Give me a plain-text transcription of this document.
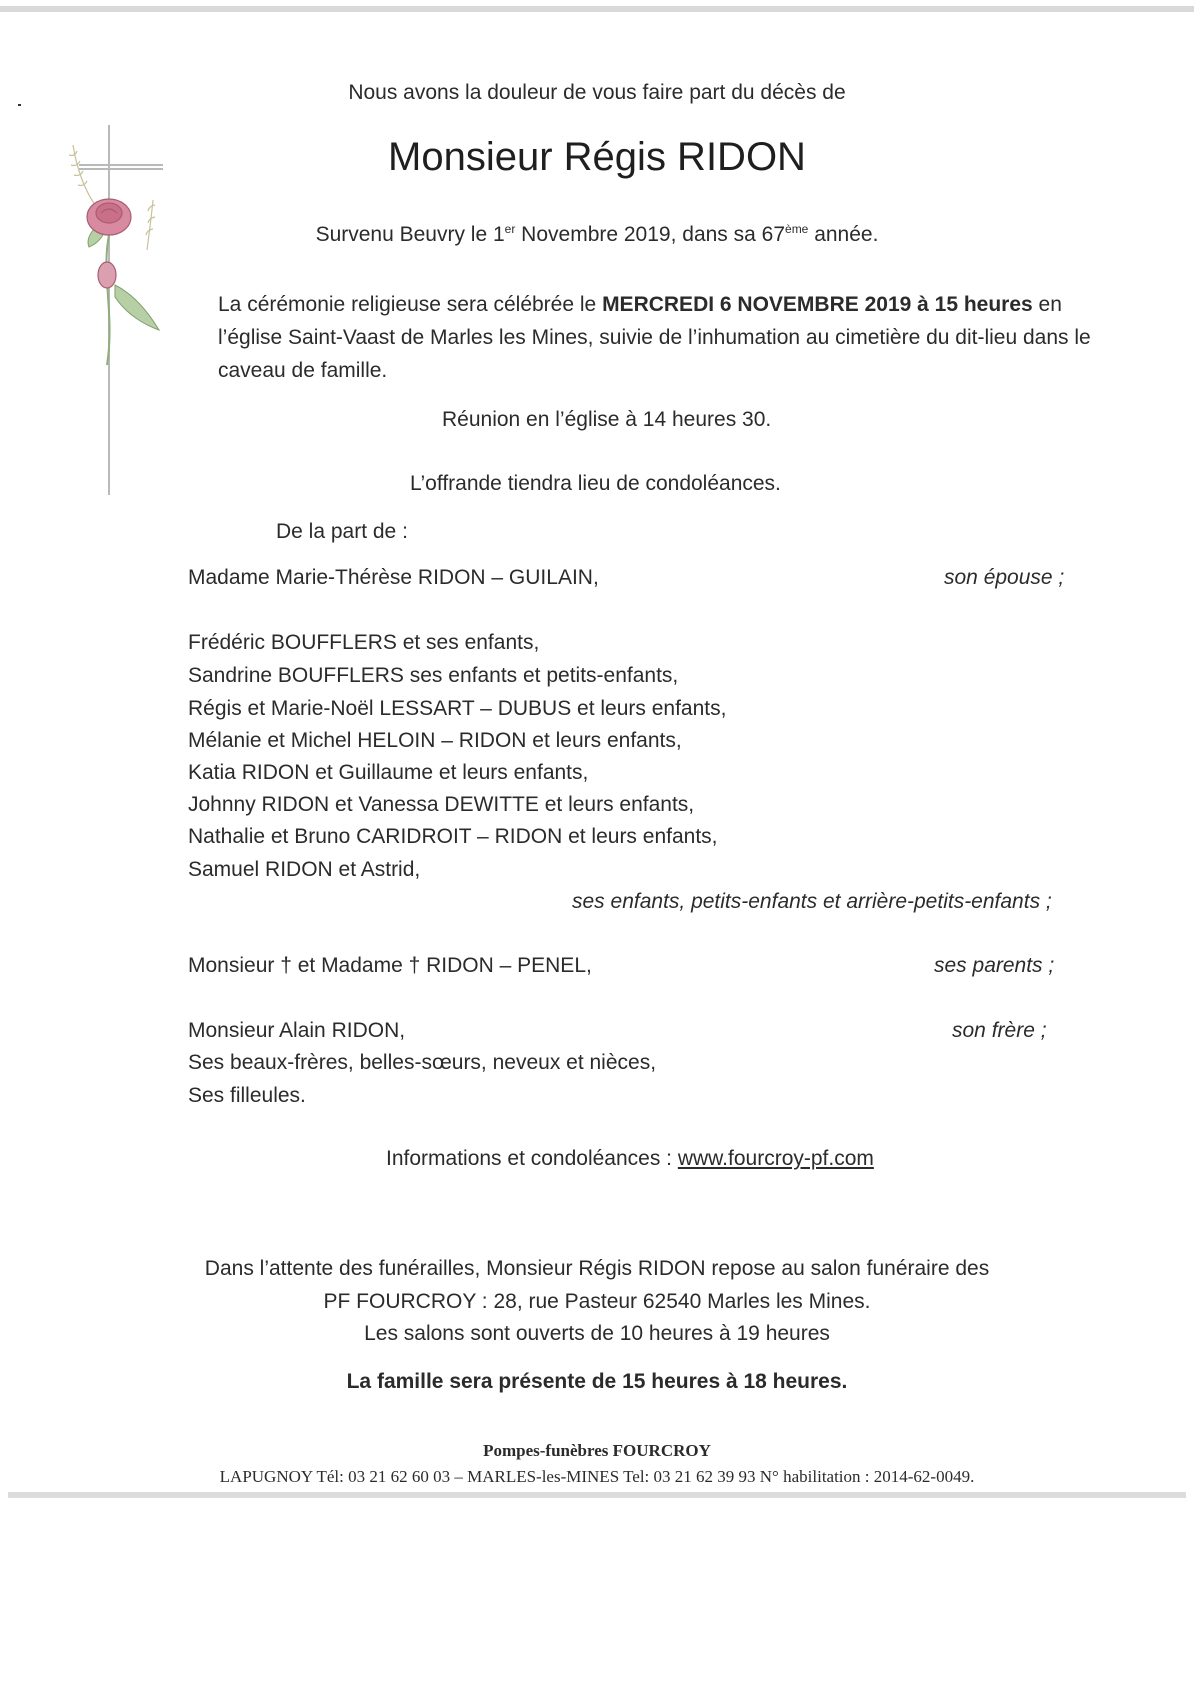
Nous avons la douleur de vous faire part du décès de
Monsieur Régis RIDON
Survenu Beuvry le 1er Novembre 2019, dans sa 67ème année.
La cérémonie religieuse sera célébrée le MERCREDI 6 NOVEMBRE 2019 à 15 heures en
l’église Saint-Vaast de Marles les Mines, suivie de l’inhumation au cimetière du dit-lieu dans le
caveau de famille.
Réunion en l’église à 14 heures 30.
L’offrande tiendra lieu de condoléances.
De la part de :
Madame Marie-Thérèse RIDON – GUILAIN,	son épouse ;
Frédéric BOUFFLERS et ses enfants,
Sandrine BOUFFLERS ses enfants et petits-enfants,
Régis et Marie-Noël LESSART – DUBUS et leurs enfants,
Mélanie et Michel HELOIN – RIDON et leurs enfants,
Katia RIDON et Guillaume et leurs enfants,
Johnny RIDON et Vanessa DEWITTE et leurs enfants,
Nathalie et Bruno CARIDROIT – RIDON et leurs enfants,
Samuel RIDON et Astrid,
ses enfants, petits-enfants et arrière-petits-enfants ;
Monsieur † et Madame † RIDON – PENEL,	ses parents ;
Monsieur Alain RIDON,	son frère ;
Ses beaux-frères, belles-sœurs, neveux et nièces,
Ses filleules.
Informations et condoléances : www.fourcroy-pf.com
Dans l’attente des funérailles, Monsieur Régis RIDON repose au salon funéraire des
PF FOURCROY : 28, rue Pasteur 62540 Marles les Mines.
Les salons sont ouverts de 10 heures à 19 heures
La famille sera présente de 15 heures à 18 heures.
Pompes-funèbres FOURCROY
LAPUGNOY Tél: 03 21 62 60 03 – MARLES-les-MINES Tel: 03 21 62 39 93 N° habilitation : 2014-62-0049.
